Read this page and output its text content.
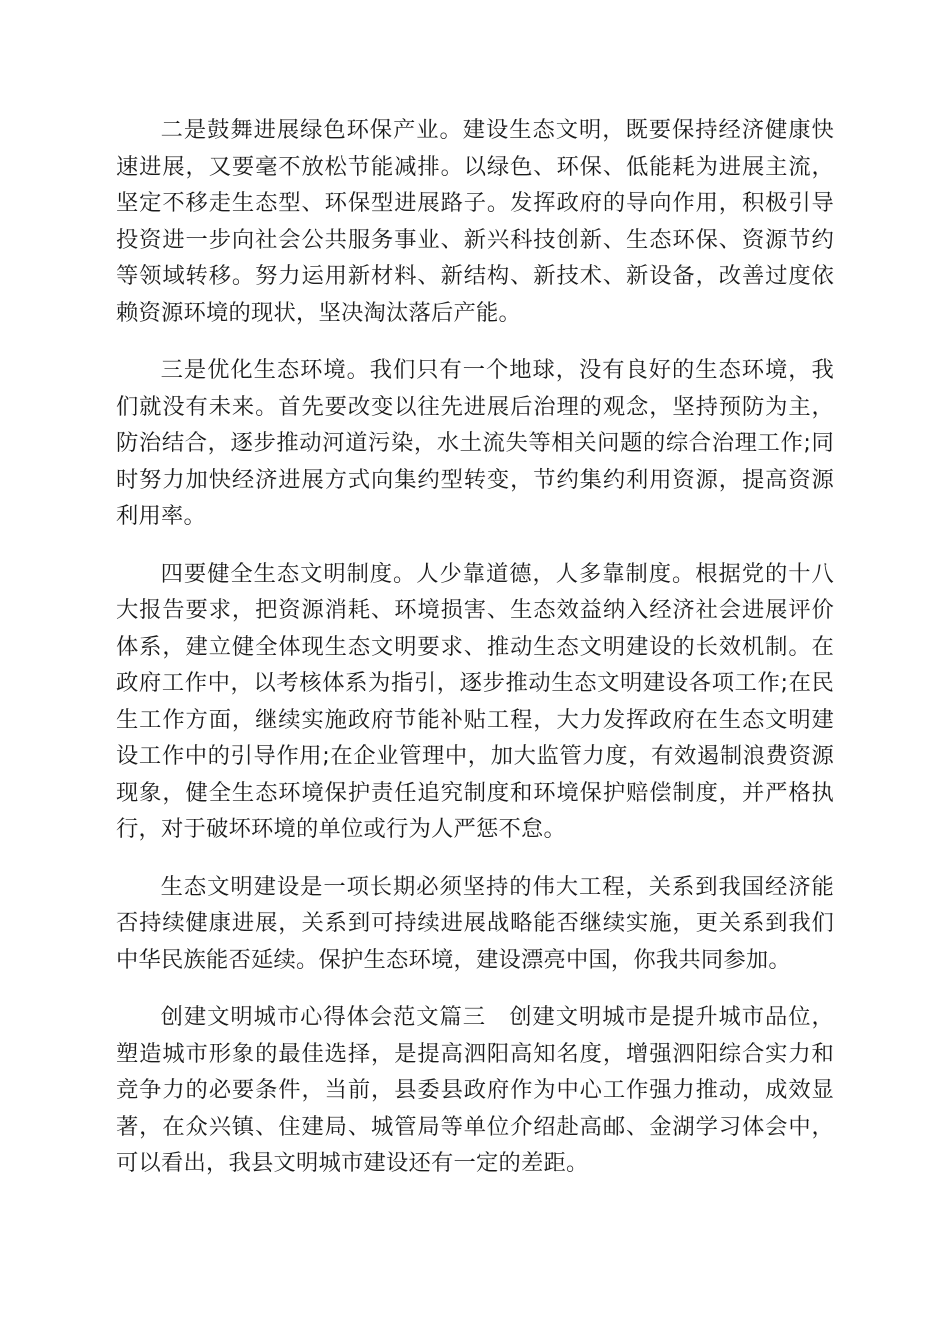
二是鼓舞进展绿色环保产业。建设生态文明，既要保持经济健康快速进展，又要毫不放松节能减排。以绿色、环保、低能耗为进展主流，坚定不移走生态型、环保型进展路子。发挥政府的导向作用，积极引导投资进一步向社会公共服务事业、新兴科技创新、生态环保、资源节约等领域转移。努力运用新材料、新结构、新技术、新设备，改善过度依赖资源环境的现状，坚决淘汰落后产能。

三是优化生态环境。我们只有一个地球，没有良好的生态环境，我们就没有未来。首先要改变以往先进展后治理的观念，坚持预防为主，防治结合，逐步推动河道污染，水土流失等相关问题的综合治理工作;同时努力加快经济进展方式向集约型转变，节约集约利用资源，提高资源利用率。

四要健全生态文明制度。人少靠道德，人多靠制度。根据党的十八大报告要求，把资源消耗、环境损害、生态效益纳入经济社会进展评价体系，建立健全体现生态文明要求、推动生态文明建设的长效机制。在政府工作中，以考核体系为指引，逐步推动生态文明建设各项工作;在民生工作方面，继续实施政府节能补贴工程，大力发挥政府在生态文明建设工作中的引导作用;在企业管理中，加大监管力度，有效遏制浪费资源现象，健全生态环境保护责任追究制度和环境保护赔偿制度，并严格执行，对于破坏环境的单位或行为人严惩不怠。

生态文明建设是一项长期必须坚持的伟大工程，关系到我国经济能否持续健康进展，关系到可持续进展战略能否继续实施，更关系到我们中华民族能否延续。保护生态环境，建设漂亮中国，你我共同参加。

创建文明城市心得体会范文篇三　创建文明城市是提升城市品位，塑造城市形象的最佳选择，是提高泗阳高知名度，增强泗阳综合实力和竞争力的必要条件，当前，县委县政府作为中心工作强力推动，成效显著，在众兴镇、住建局、城管局等单位介绍赴高邮、金湖学习体会中，可以看出，我县文明城市建设还有一定的差距。
